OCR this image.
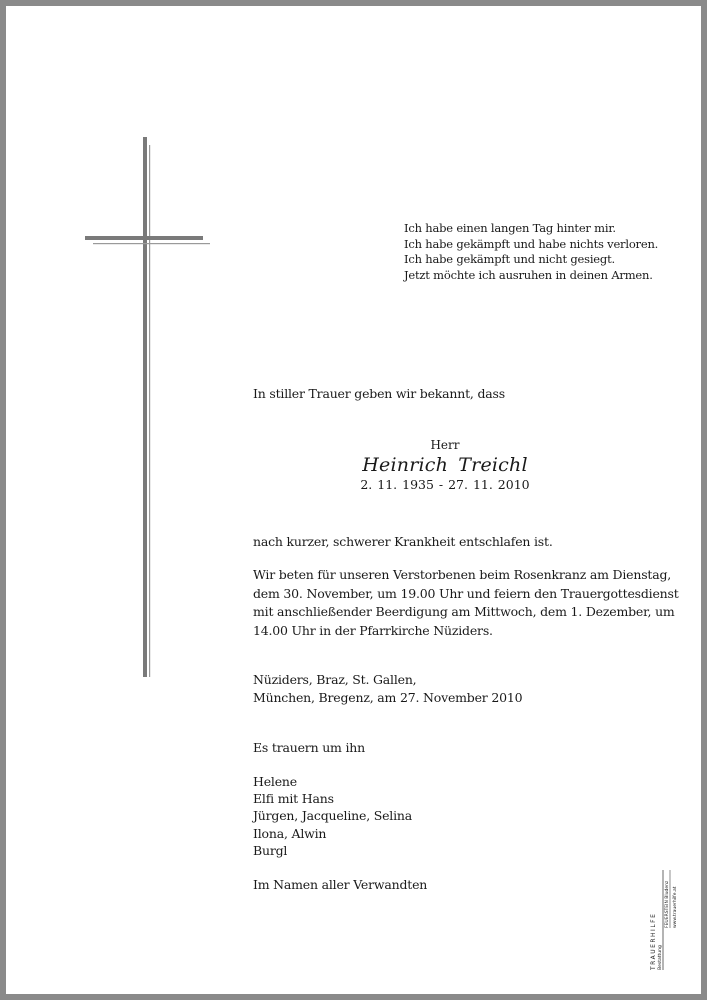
Ich habe einen langen Tag hinter mir.
Ich habe gekämpft und habe nichts verloren.
Ich habe gekämpft und nicht gesiegt.
Jetzt möchte ich ausruhen in deinen Armen.
In stiller Trauer geben wir bekannt, dass
Herr
Heinrich Treichl
2. 11. 1935 - 27. 11. 2010
nach kurzer, schwerer Krankheit entschlafen ist.
Wir beten für unseren Verstorbenen beim Rosenkranz am Dienstag,
dem 30. November, um 19.00 Uhr und feiern den Trauergottesdienst
mit anschließender Beerdigung am Mittwoch, dem 1. Dezember, um
14.00 Uhr in der Pfarrkirche Nüziders.
Nüziders, Braz, St. Gallen,
München, Bregenz, am 27. November 2010
Es trauern um ihn
Helene
Elfi mit Hans
Jürgen, Jacqueline, Selina
Ilona, Alwin
Burgl
Im Namen aller Verwandten
TRAUERHILFE Bestattung
FEUERSTEIN Bludenz www.trauerhilfe.at
